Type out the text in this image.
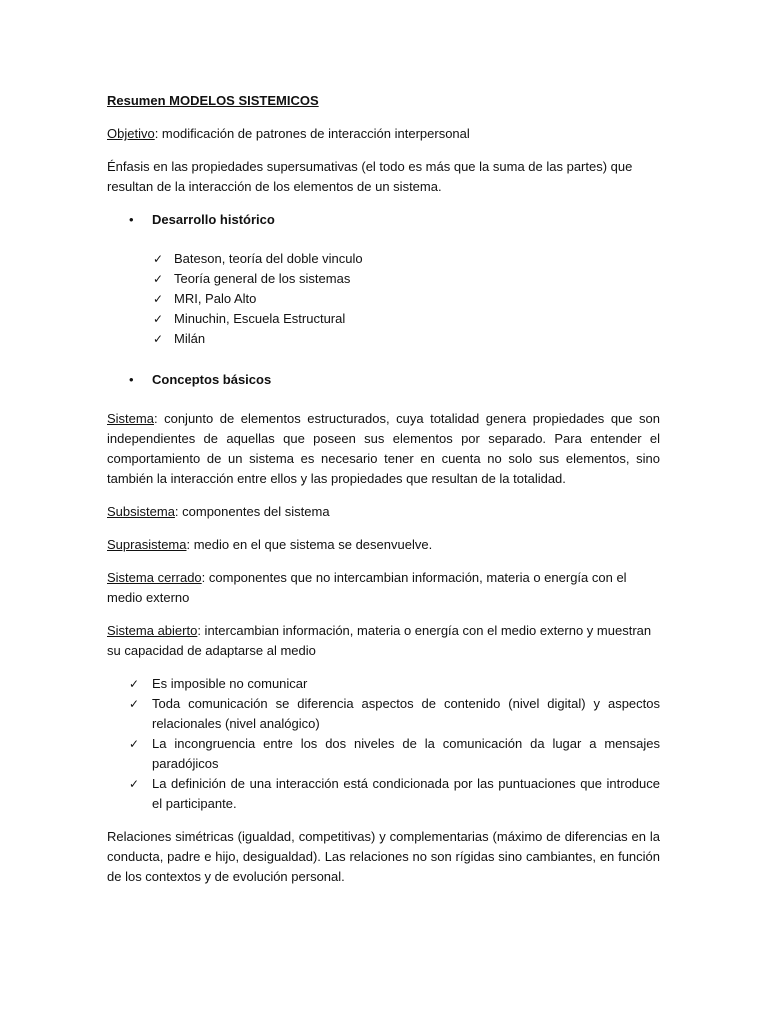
Resumen MODELOS SISTEMICOS

Objetivo: modificación de patrones de interacción interpersonal

Énfasis en las propiedades supersumativas (el todo es más que la suma de las partes) que resultan de la interacción de los elementos de un sistema.

• Desarrollo histórico
✓ Bateson, teoría del doble vinculo
✓ Teoría general de los sistemas
✓ MRI, Palo Alto
✓ Minuchin, Escuela Estructural
✓ Milán
• Conceptos básicos

Sistema: conjunto de elementos estructurados, cuya totalidad genera propiedades que son independientes de aquellas que poseen sus elementos por separado. Para entender el comportamiento de un sistema es necesario tener en cuenta no solo sus elementos, sino también la interacción entre ellos y las propiedades que resultan de la totalidad.

Subsistema: componentes del sistema

Suprasistema: medio en el que sistema se desenvuelve.

Sistema cerrado: componentes que no intercambian información, materia o energía con el medio externo

Sistema abierto: intercambian información, materia o energía con el medio externo y muestran su capacidad de adaptarse al medio

✓ Es imposible no comunicar
✓ Toda comunicación se diferencia aspectos de contenido (nivel digital) y aspectos relacionales (nivel analógico)
✓ La incongruencia entre los dos niveles de la comunicación da lugar a mensajes paradójicos
✓ La definición de una interacción está condicionada por las puntuaciones que introduce el participante.

Relaciones simétricas (igualdad, competitivas) y complementarias (máximo de diferencias en la conducta, padre e hijo, desigualdad). Las relaciones no son rígidas sino cambiantes, en función de los contextos y de evolución personal.
